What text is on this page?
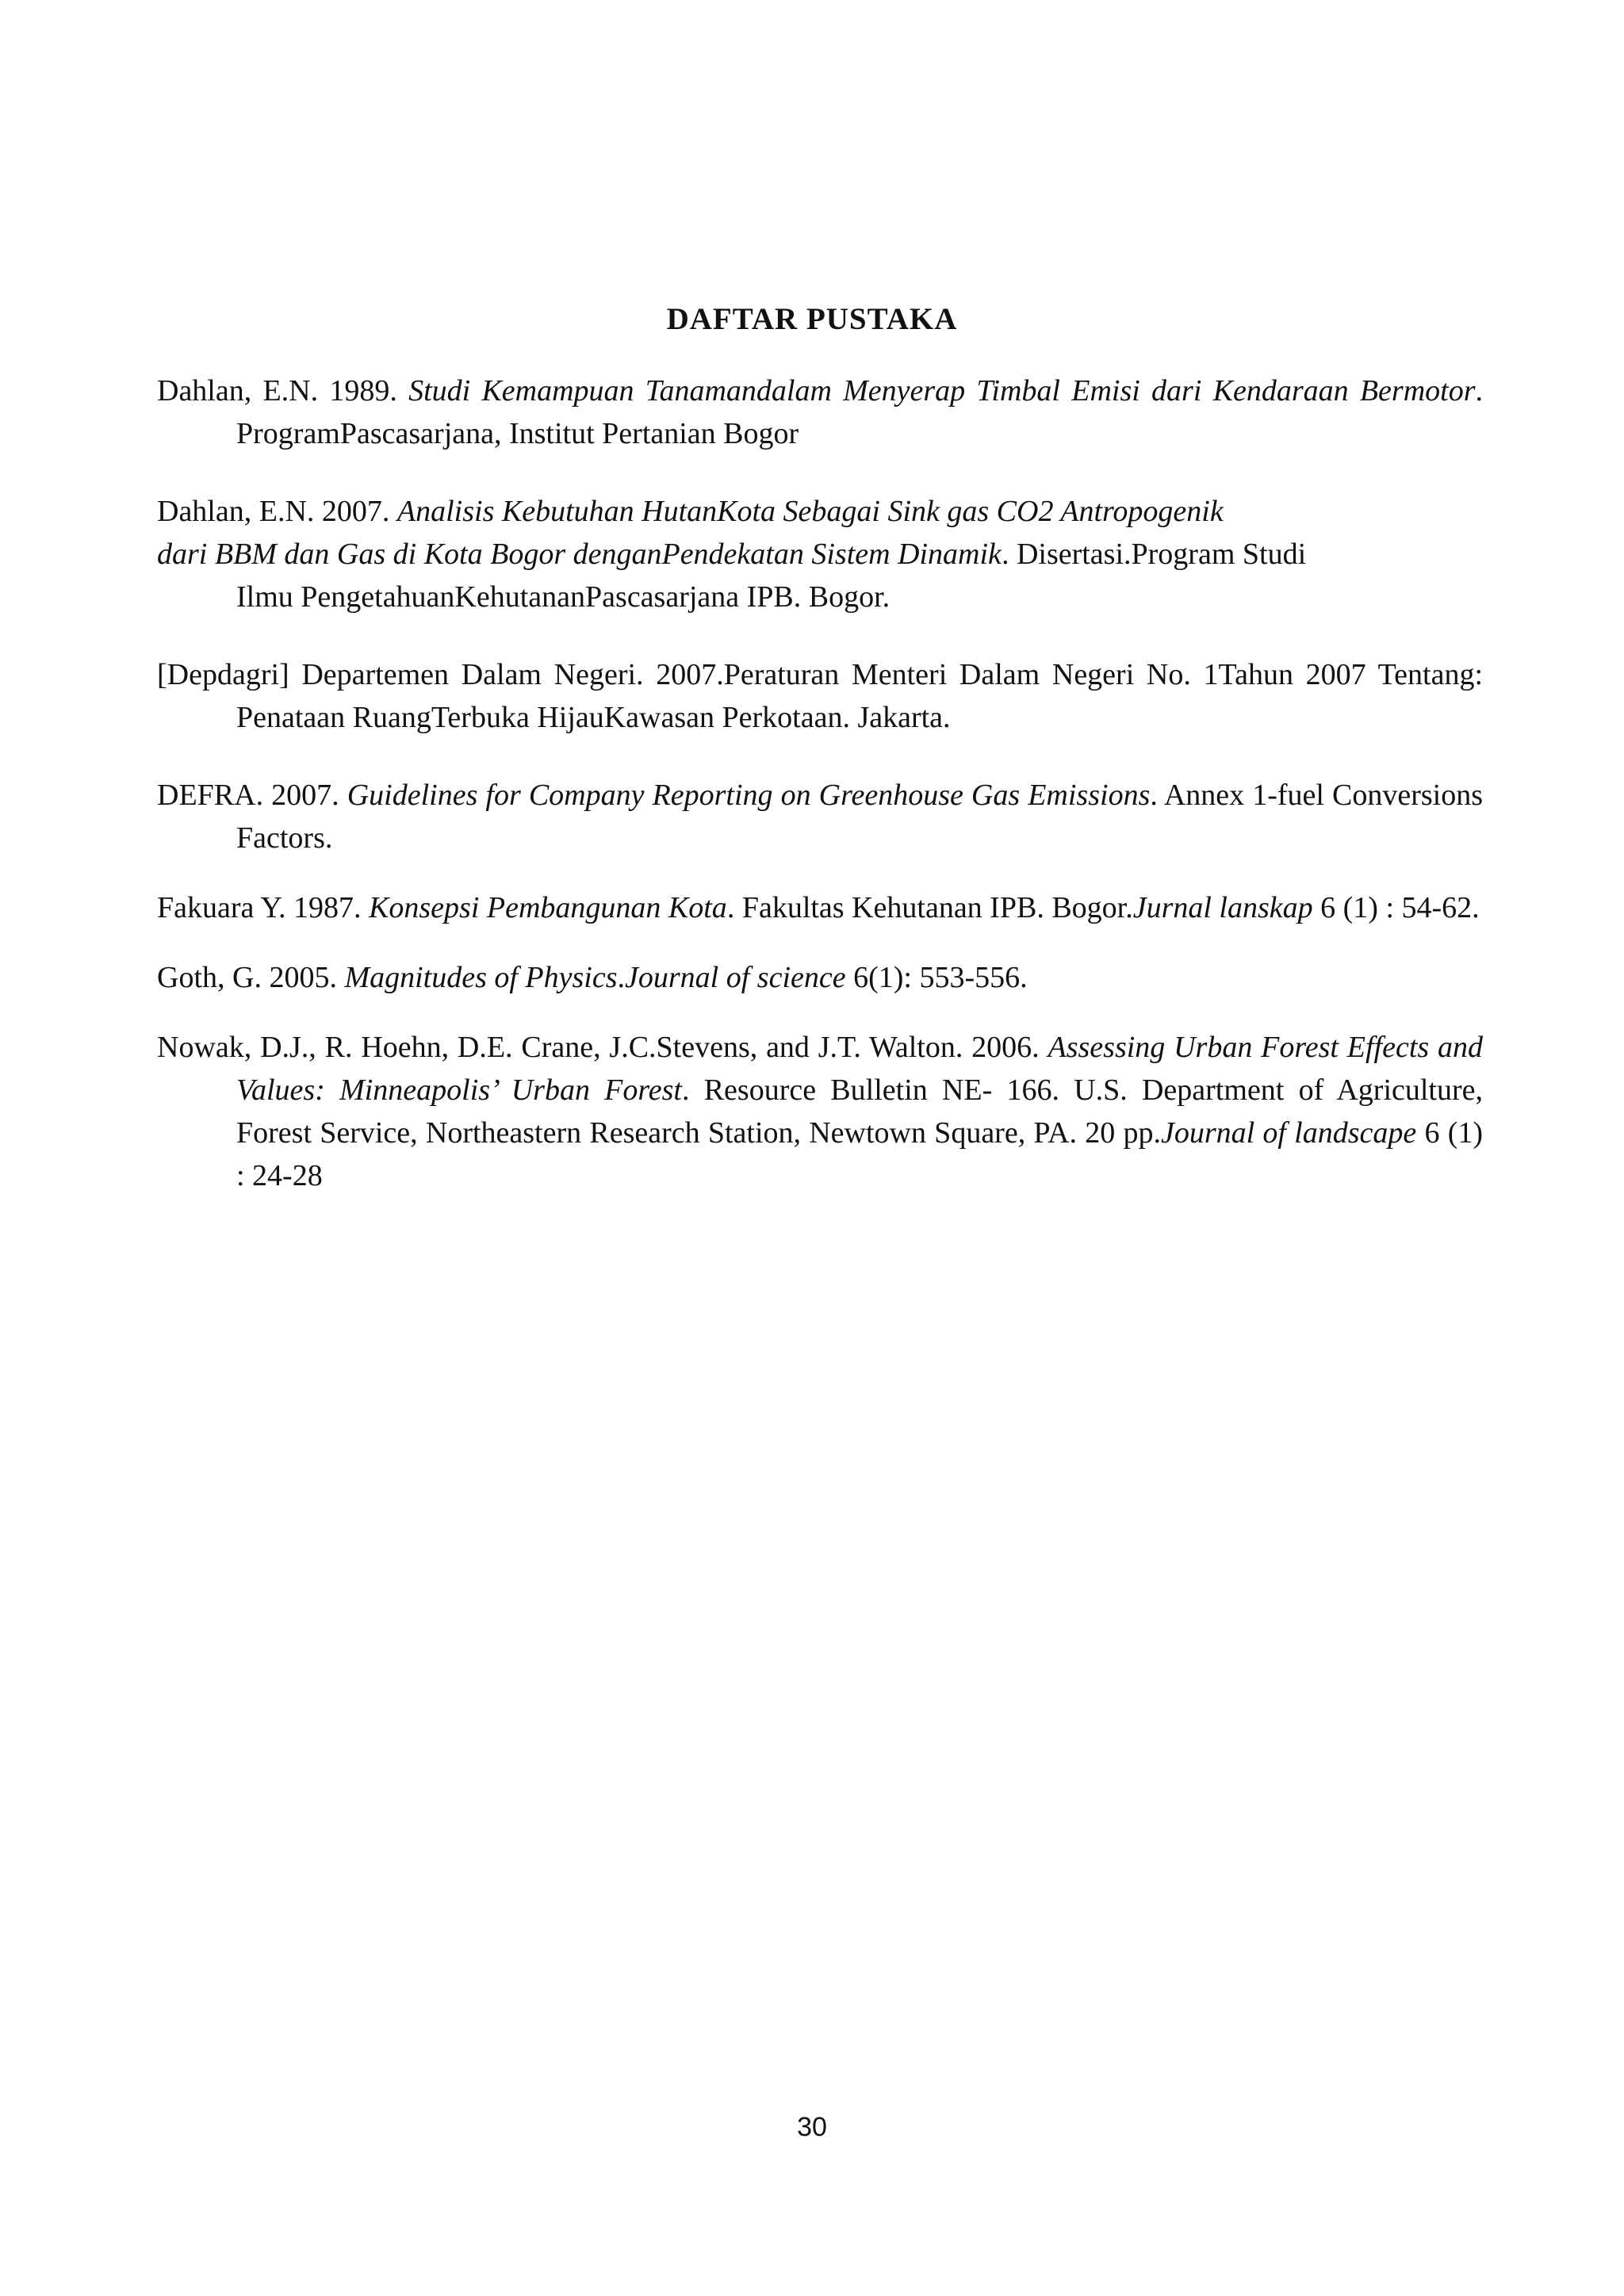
DAFTAR PUSTAKA

Dahlan, E.N. 1989. Studi Kemampuan Tanamandalam Menyerap Timbal Emisi dari Kendaraan Bermotor. ProgramPascasarjana, Institut Pertanian Bogor

Dahlan, E.N. 2007. Analisis Kebutuhan HutanKota Sebagai Sink gas CO2 Antropogenik
dari BBM dan Gas di Kota Bogor denganPendekatan Sistem Dinamik. Disertasi.Program Studi
Ilmu PengetahuanKehutananPascasarjana IPB. Bogor.

[Depdagri] Departemen Dalam Negeri. 2007.Peraturan Menteri Dalam Negeri No. 1Tahun 2007 Tentang: Penataan RuangTerbuka HijauKawasan Perkotaan. Jakarta.

DEFRA. 2007. Guidelines for Company Reporting on Greenhouse Gas Emissions. Annex 1-fuel Conversions Factors.

Fakuara Y. 1987. Konsepsi Pembangunan Kota. Fakultas Kehutanan IPB. Bogor.Jurnal lanskap 6 (1) : 54-62.

Goth, G. 2005. Magnitudes of Physics.Journal of science 6(1): 553-556.

Nowak, D.J., R. Hoehn, D.E. Crane, J.C.Stevens, and J.T. Walton. 2006. Assessing Urban Forest Effects and Values: Minneapolis’ Urban Forest. Resource Bulletin NE- 166. U.S. Department of Agriculture, Forest Service, Northeastern Research Station, Newtown Square, PA. 20 pp.Journal of landscape 6 (1) : 24-28

30
